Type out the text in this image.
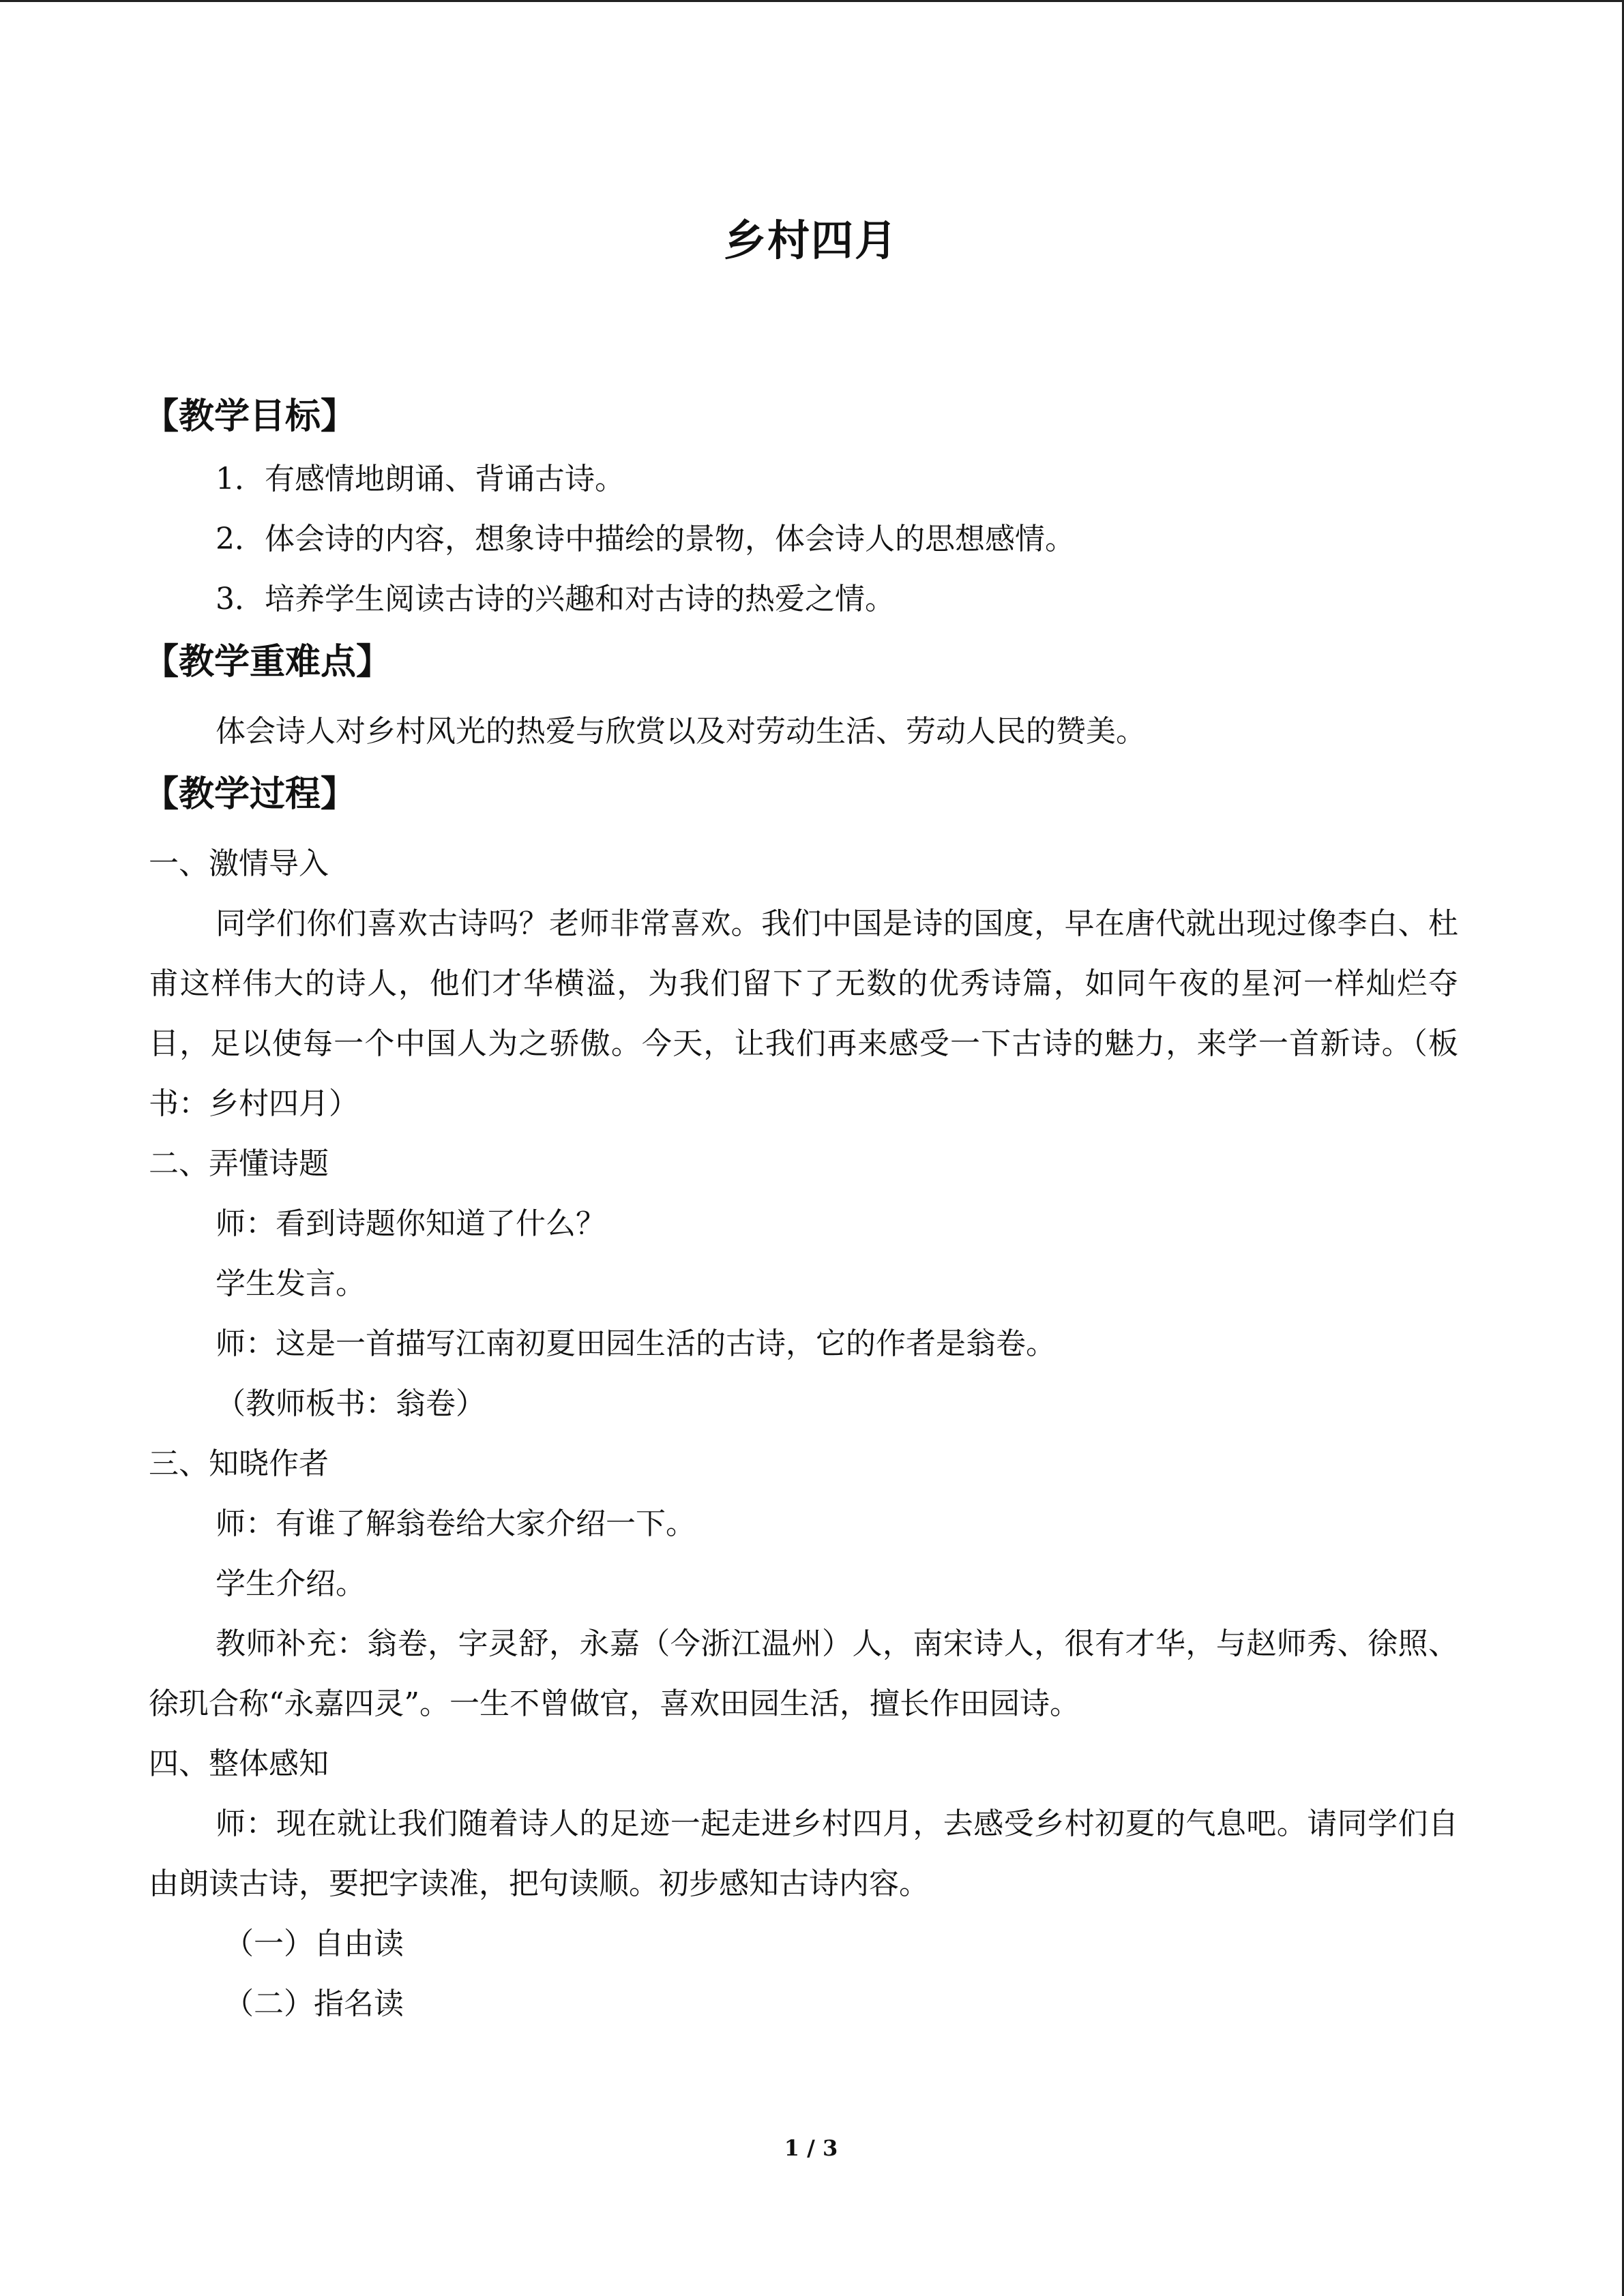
乡村四月
【教学目标】

1．有感情地朗诵、背诵古诗。

2．体会诗的内容，想象诗中描绘的景物，体会诗人的思想感情。

3．培养学生阅读古诗的兴趣和对古诗的热爱之情。

【教学重难点】

体会诗人对乡村风光的热爱与欣赏以及对劳动生活、劳动人民的赞美。

【教学过程】

一、激情导入

同学们你们喜欢古诗吗？老师非常喜欢。我们中国是诗的国度，早在唐代就出现过像李白、杜甫这样伟大的诗人，他们才华横溢，为我们留下了无数的优秀诗篇，如同午夜的星河一样灿烂夺目，足以使每一个中国人为之骄傲。今天，让我们再来感受一下古诗的魅力，来学一首新诗。（板书：乡村四月）

二、弄懂诗题

师：看到诗题你知道了什么？

学生发言。

师：这是一首描写江南初夏田园生活的古诗，它的作者是翁卷。

（教师板书：翁卷）

三、知晓作者

师：有谁了解翁卷给大家介绍一下。

学生介绍。

教师补充：翁卷，字灵舒，永嘉（今浙江温州）人，南宋诗人，很有才华，与赵师秀、徐照、徐玑合称“永嘉四灵”。一生不曾做官，喜欢田园生活，擅长作田园诗。

四、整体感知

师：现在就让我们随着诗人的足迹一起走进乡村四月，去感受乡村初夏的气息吧。请同学们自由朗读古诗，要把字读准，把句读顺。初步感知古诗内容。

（一）自由读

（二）指名读

1 / 3
